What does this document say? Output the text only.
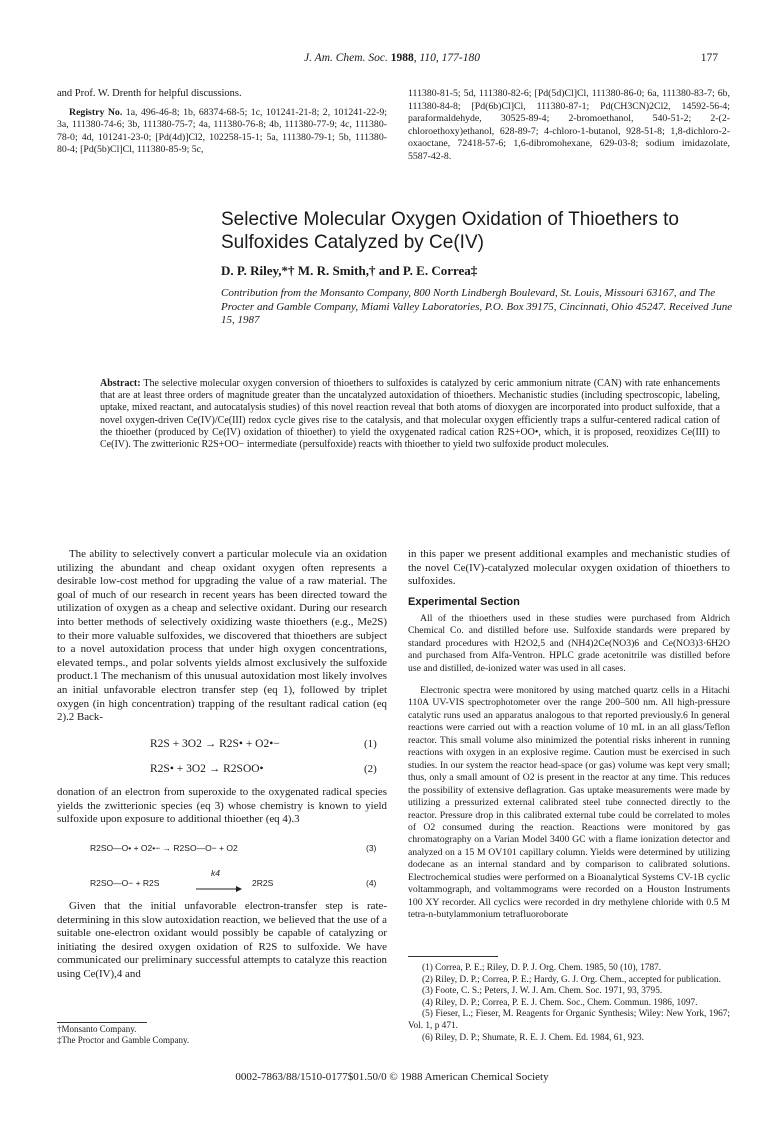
J. Am. Chem. Soc. 1988, 110, 177-180	177

and Prof. W. Drenth for helpful discussions.

Registry No. 1a, 496-46-8; 1b, 68374-68-5; 1c, 101241-21-8; 2, 101241-22-9; 3a, 111380-74-6; 3b, 111380-75-7; 4a, 111380-76-8; 4b, 111380-77-9; 4c, 111380-78-0; 4d, 101241-23-0; [Pd(4d)]Cl2, 102258-15-1; 5a, 111380-79-1; 5b, 111380-80-4; [Pd(5b)Cl]Cl, 111380-85-9; 5c,

111380-81-5; 5d, 111380-82-6; [Pd(5d)Cl]Cl, 111380-86-0; 6a, 111380-83-7; 6b, 111380-84-8; [Pd(6b)Cl]Cl, 111380-87-1; Pd(CH3CN)2Cl2, 14592-56-4; paraformaldehyde, 30525-89-4; 2-bromoethanol, 540-51-2; 2-(2-chloroethoxy)ethanol, 628-89-7; 4-chloro-1-butanol, 928-51-8; 1,8-dichloro-2-oxaoctane, 72418-57-6; 1,6-dibromohexane, 629-03-8; sodium imidazolate, 5587-42-8.
Selective Molecular Oxygen Oxidation of Thioethers to Sulfoxides Catalyzed by Ce(IV)
D. P. Riley,*† M. R. Smith,† and P. E. Correa‡
Contribution from the Monsanto Company, 800 North Lindbergh Boulevard, St. Louis, Missouri 63167, and The Procter and Gamble Company, Miami Valley Laboratories, P.O. Box 39175, Cincinnati, Ohio 45247. Received June 15, 1987
Abstract: The selective molecular oxygen conversion of thioethers to sulfoxides is catalyzed by ceric ammonium nitrate (CAN) with rate enhancements that are at least three orders of magnitude greater than the uncatalyzed autoxidation of thioethers. Mechanistic studies (including spectroscopic, labeling, uptake, mixed reactant, and autocatalysis studies) of this novel reaction reveal that both atoms of dioxygen are incorporated into product sulfoxide, that a novel oxygen-driven Ce(IV)/Ce(III) redox cycle gives rise to the catalysis, and that molecular oxygen efficiently traps a sulfur-centered radical cation of the thioether (produced by Ce(IV) oxidation of thioether) to yield the oxygenated radical cation R2S+OO•, which, it is proposed, reoxidizes Ce(III) to Ce(IV). The zwitterionic R2S+OO− intermediate (persulfoxide) reacts with thioether to yield two sulfoxide product molecules.
The ability to selectively convert a particular molecule via an oxidation utilizing the abundant and cheap oxidant oxygen often represents a desirable low-cost method for upgrading the value of a raw material. The goal of much of our research in recent years has been directed toward the utilization of oxygen as a cheap and selective oxidant. During our research into better methods of selectively oxidizing waste thioethers (e.g., Me2S) to their more valuable sulfoxides, we discovered that thioethers are subject to a novel autoxidation process that under high oxygen concentrations, elevated temps., and polar solvents yields almost exclusively the sulfoxide product.1 The mechanism of this unusual autoxidation most likely involves an initial unfavorable electron transfer step (eq 1), followed by triplet oxygen (in high concentration) trapping of the resultant radical cation (eq 2).2 Back-
R2S + 3O2 → R2S• + O2•−	(1)
R2S• + 3O2 → R2SOO•	(2)
donation of an electron from superoxide to the oxygenated radical species yields the zwitterionic species (eq 3) whose chemistry is known to yield sulfoxide upon exposure to additional thioether (eq 4).3
R2SO—O• + O2•− → R2SO—O− + O2	(3)
R2SO—O− + R2S
k4
2R2S	(4)
Given that the initial unfavorable electron-transfer step is rate-determining in this slow autoxidation reaction, we believed that the use of a suitable one-electron oxidant would possibly be capable of catalyzing or initiating the desired oxygen oxidation of R2S to sulfoxide. We have communicated our preliminary successful attempts to catalyze this reaction using Ce(IV),4 and
†Monsanto Company.
‡The Proctor and Gamble Company.
in this paper we present additional examples and mechanistic studies of the novel Ce(IV)-catalyzed molecular oxygen oxidation of thioethers to sulfoxides.
Experimental Section
All of the thioethers used in these studies were purchased from Aldrich Chemical Co. and distilled before use. Sulfoxide standards were prepared by standard procedures with H2O2,5 and (NH4)2Ce(NO3)6 and Ce(NO3)3·6H2O and purchased from Alfa-Ventron. HPLC grade acetonitrile was distilled before use and distilled, de-ionized water was used in all cases.
Electronic spectra were monitored by using matched quartz cells in a Hitachi 110A UV-VIS spectrophotometer over the range 200–500 nm. All high-pressure catalytic runs used an apparatus analogous to that reported previously.6 In general reactions were carried out with a reaction volume of 10 mL in an all glass/Teflon reactor. This small volume also minimized the potential risks inherent in running reactions with oxygen in an explosive regime. Caution must be exercised in such studies. In our system the reactor head-space (or gas) volume was kept very small; thus, only a small amount of O2 is present in the reactor at any time. This reduces the possibility of extensive deflagration. Gas uptake measurements were made by utilizing a pressurized external calibrated steel tube connected directly to the reactor. Pressure drop in this calibrated external tube could be correlated to moles of O2 consumed during the reaction. Reactions were monitored by gas chromatography on a Varian Model 3400 GC with a flame ionization detector and analyzed on a 15 M OV101 capillary column. Yields were determined by utilizing dodecane as an internal standard and by comparison to calibrated solutions. Electrochemical studies were performed on a Bioanalytical Systems CV-1B cyclic voltammograph, and voltammograms were recorded on a Houston Instruments 100 XY recorder. All cyclics were recorded in dry methylene chloride with 0.5 M tetra-n-butylammonium tetrafluoroborate
(1) Correa, P. E.; Riley, D. P. J. Org. Chem. 1985, 50 (10), 1787.
(2) Riley, D. P.; Correa, P. E.; Hardy, G. J. Org. Chem., accepted for publication.
(3) Foote, C. S.; Peters, J. W. J. Am. Chem. Soc. 1971, 93, 3795.
(4) Riley, D. P.; Correa, P. E. J. Chem. Soc., Chem. Commun. 1986, 1097.
(5) Fieser, L.; Fieser, M. Reagents for Organic Synthesis; Wiley: New York, 1967; Vol. 1, p 471.
(6) Riley, D. P.; Shumate, R. E. J. Chem. Ed. 1984, 61, 923.
0002-7863/88/1510-0177$01.50/0 © 1988 American Chemical Society
